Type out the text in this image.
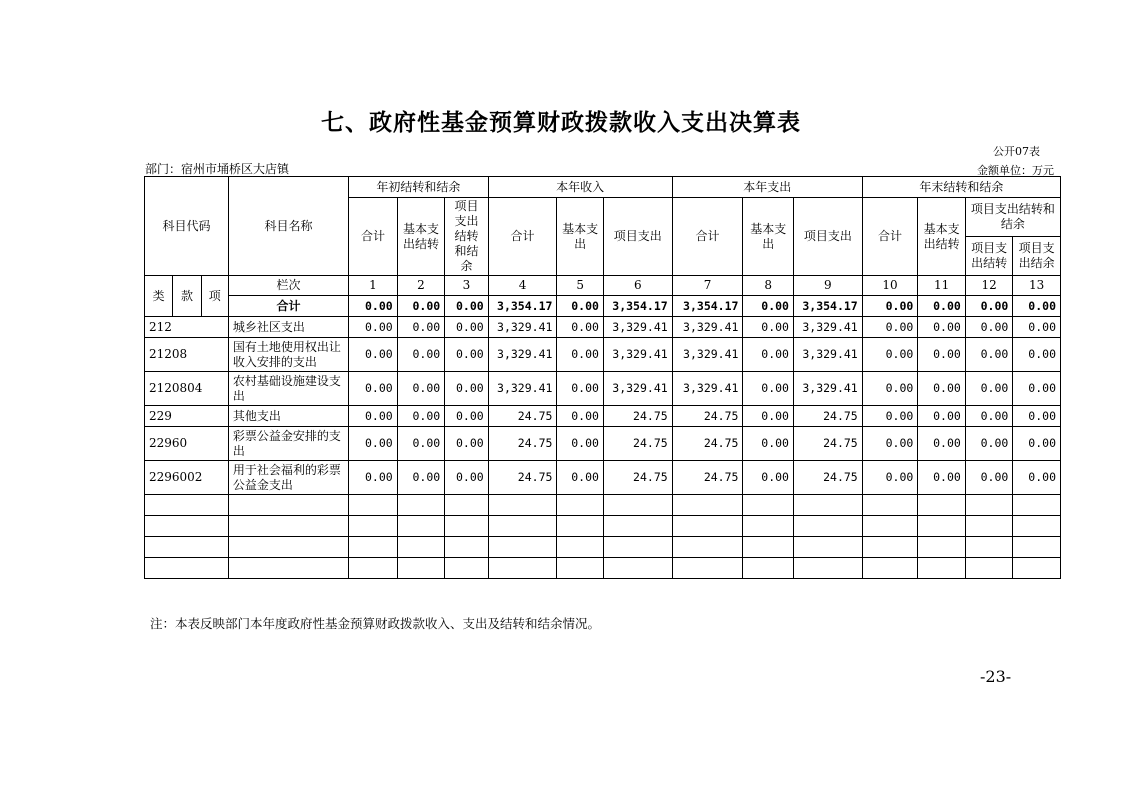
七、政府性基金预算财政拨款收入支出决算表
公开07表
部门：宿州市埇桥区大店镇	金额单位：万元
科目代码			科目名称	年初结转和结余			本年收入			本年支出			年末结转和结余			
				合计	基本支出结转	项目支出结转和结余	合计	基本支出	项目支出	合计	基本支出	项目支出	合计	基本支出结转	项目支出结转和结余	
															项目支出结转	项目支出结余
类	款	项	栏次	1	2	3	4	5	6	7	8	9	10	11	12	13
			合计	0.00	0.00	0.00	3,354.17	0.00	3,354.17	3,354.17	0.00	3,354.17	0.00	0.00	0.00	0.00
212			城乡社区支出	0.00	0.00	0.00	3,329.41	0.00	3,329.41	3,329.41	0.00	3,329.41	0.00	0.00	0.00	0.00
21208			国有土地使用权出让收入安排的支出	0.00	0.00	0.00	3,329.41	0.00	3,329.41	3,329.41	0.00	3,329.41	0.00	0.00	0.00	0.00
2120804			农村基础设施建设支出	0.00	0.00	0.00	3,329.41	0.00	3,329.41	3,329.41	0.00	3,329.41	0.00	0.00	0.00	0.00
229			其他支出	0.00	0.00	0.00	24.75	0.00	24.75	24.75	0.00	24.75	0.00	0.00	0.00	0.00
22960			彩票公益金安排的支出	0.00	0.00	0.00	24.75	0.00	24.75	24.75	0.00	24.75	0.00	0.00	0.00	0.00
2296002			用于社会福利的彩票公益金支出	0.00	0.00	0.00	24.75	0.00	24.75	24.75	0.00	24.75	0.00	0.00	0.00	0.00

注：本表反映部门本年度政府性基金预算财政拨款收入、支出及结转和结余情况。
-23-
